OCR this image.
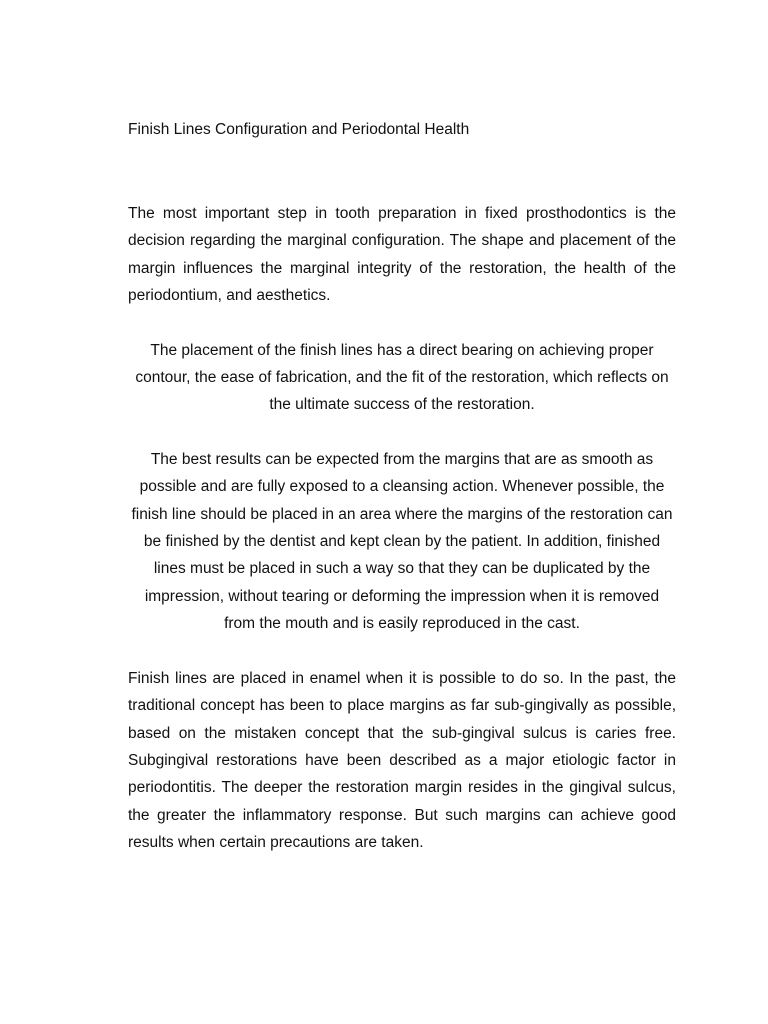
Finish Lines Configuration and Periodontal Health

The most important step in tooth preparation in fixed prosthodontics is the decision regarding the marginal configuration. The shape and placement of the margin influences the marginal integrity of the restoration, the health of the periodontium, and aesthetics.

The placement of the finish lines has a direct bearing on achieving proper contour, the ease of fabrication, and the fit of the restoration, which reflects on the ultimate success of the restoration.

The best results can be expected from the margins that are as smooth as possible and are fully exposed to a cleansing action. Whenever possible, the finish line should be placed in an area where the margins of the restoration can be finished by the dentist and kept clean by the patient. In addition, finished lines must be placed in such a way so that they can be duplicated by the impression, without tearing or deforming the impression when it is removed from the mouth and is easily reproduced in the cast.

Finish lines are placed in enamel when it is possible to do so. In the past, the traditional concept has been to place margins as far sub-gingivally as possible, based on the mistaken concept that the sub-gingival sulcus is caries free. Subgingival restorations have been described as a major etiologic factor in periodontitis. The deeper the restoration margin resides in the gingival sulcus, the greater the inflammatory response. But such margins can achieve good results when certain precautions are taken.
